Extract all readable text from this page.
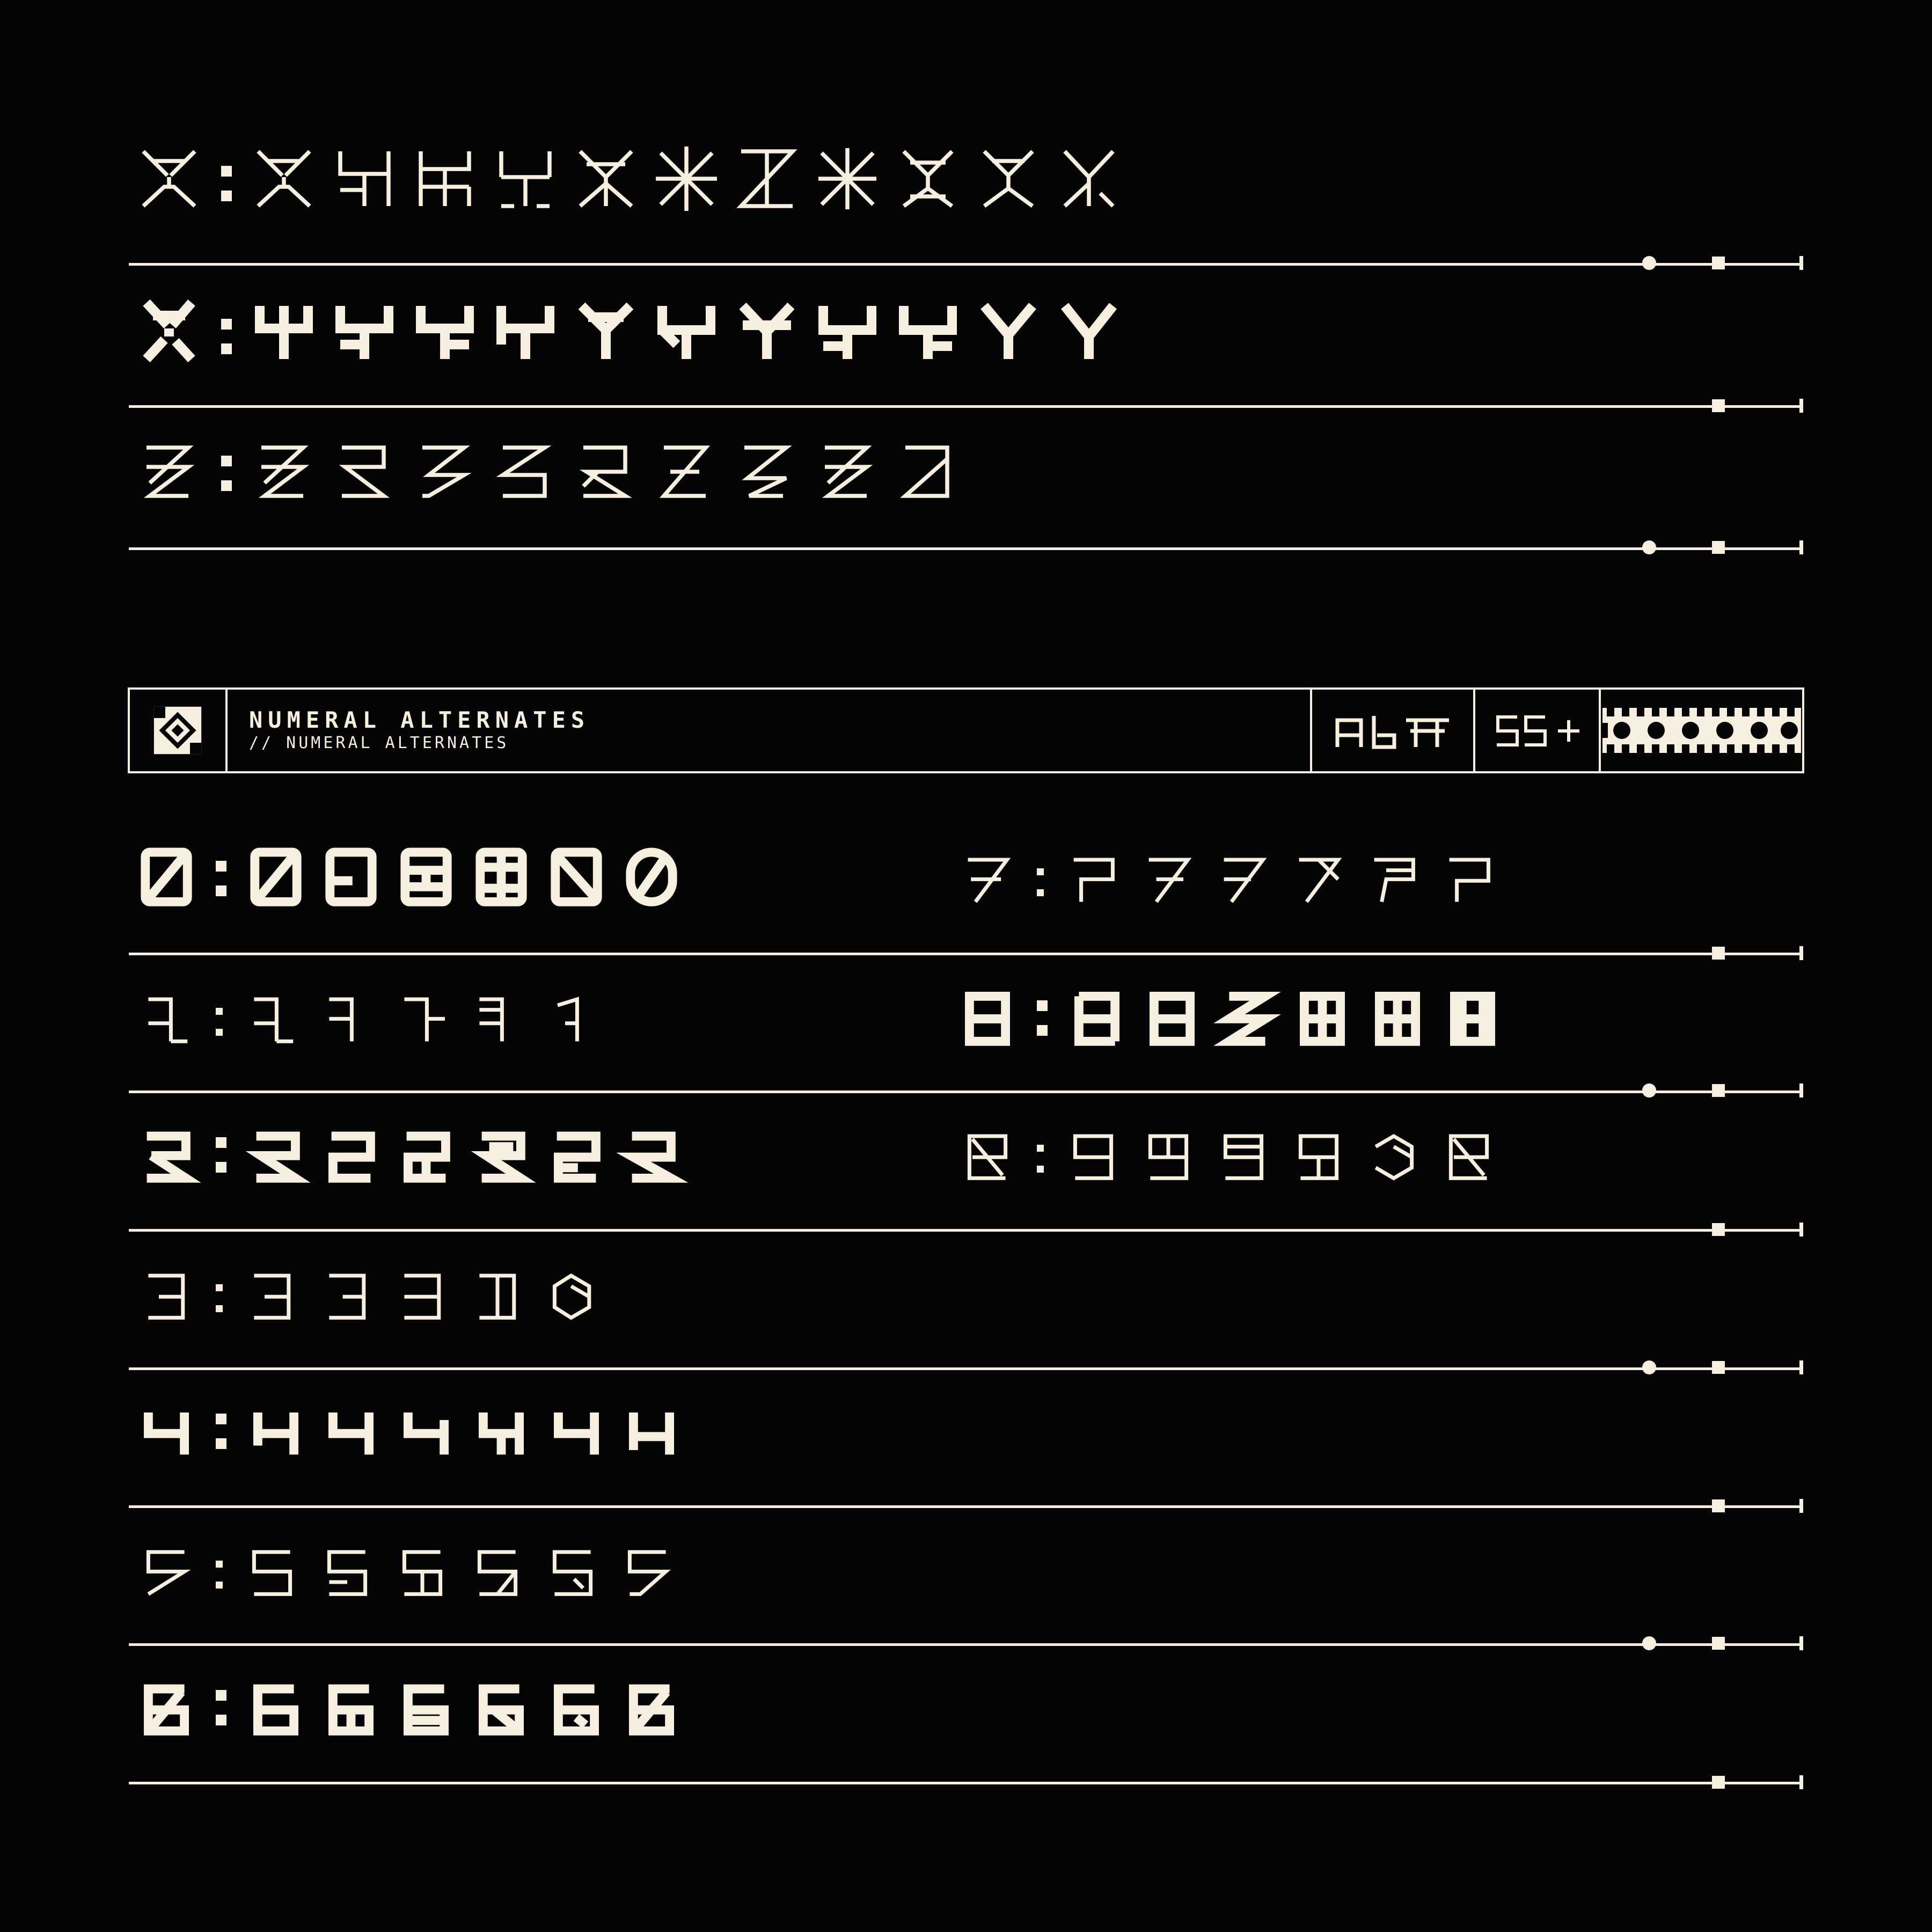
NUMERAL ALTERNATES
// NUMERAL ALTERNATES
